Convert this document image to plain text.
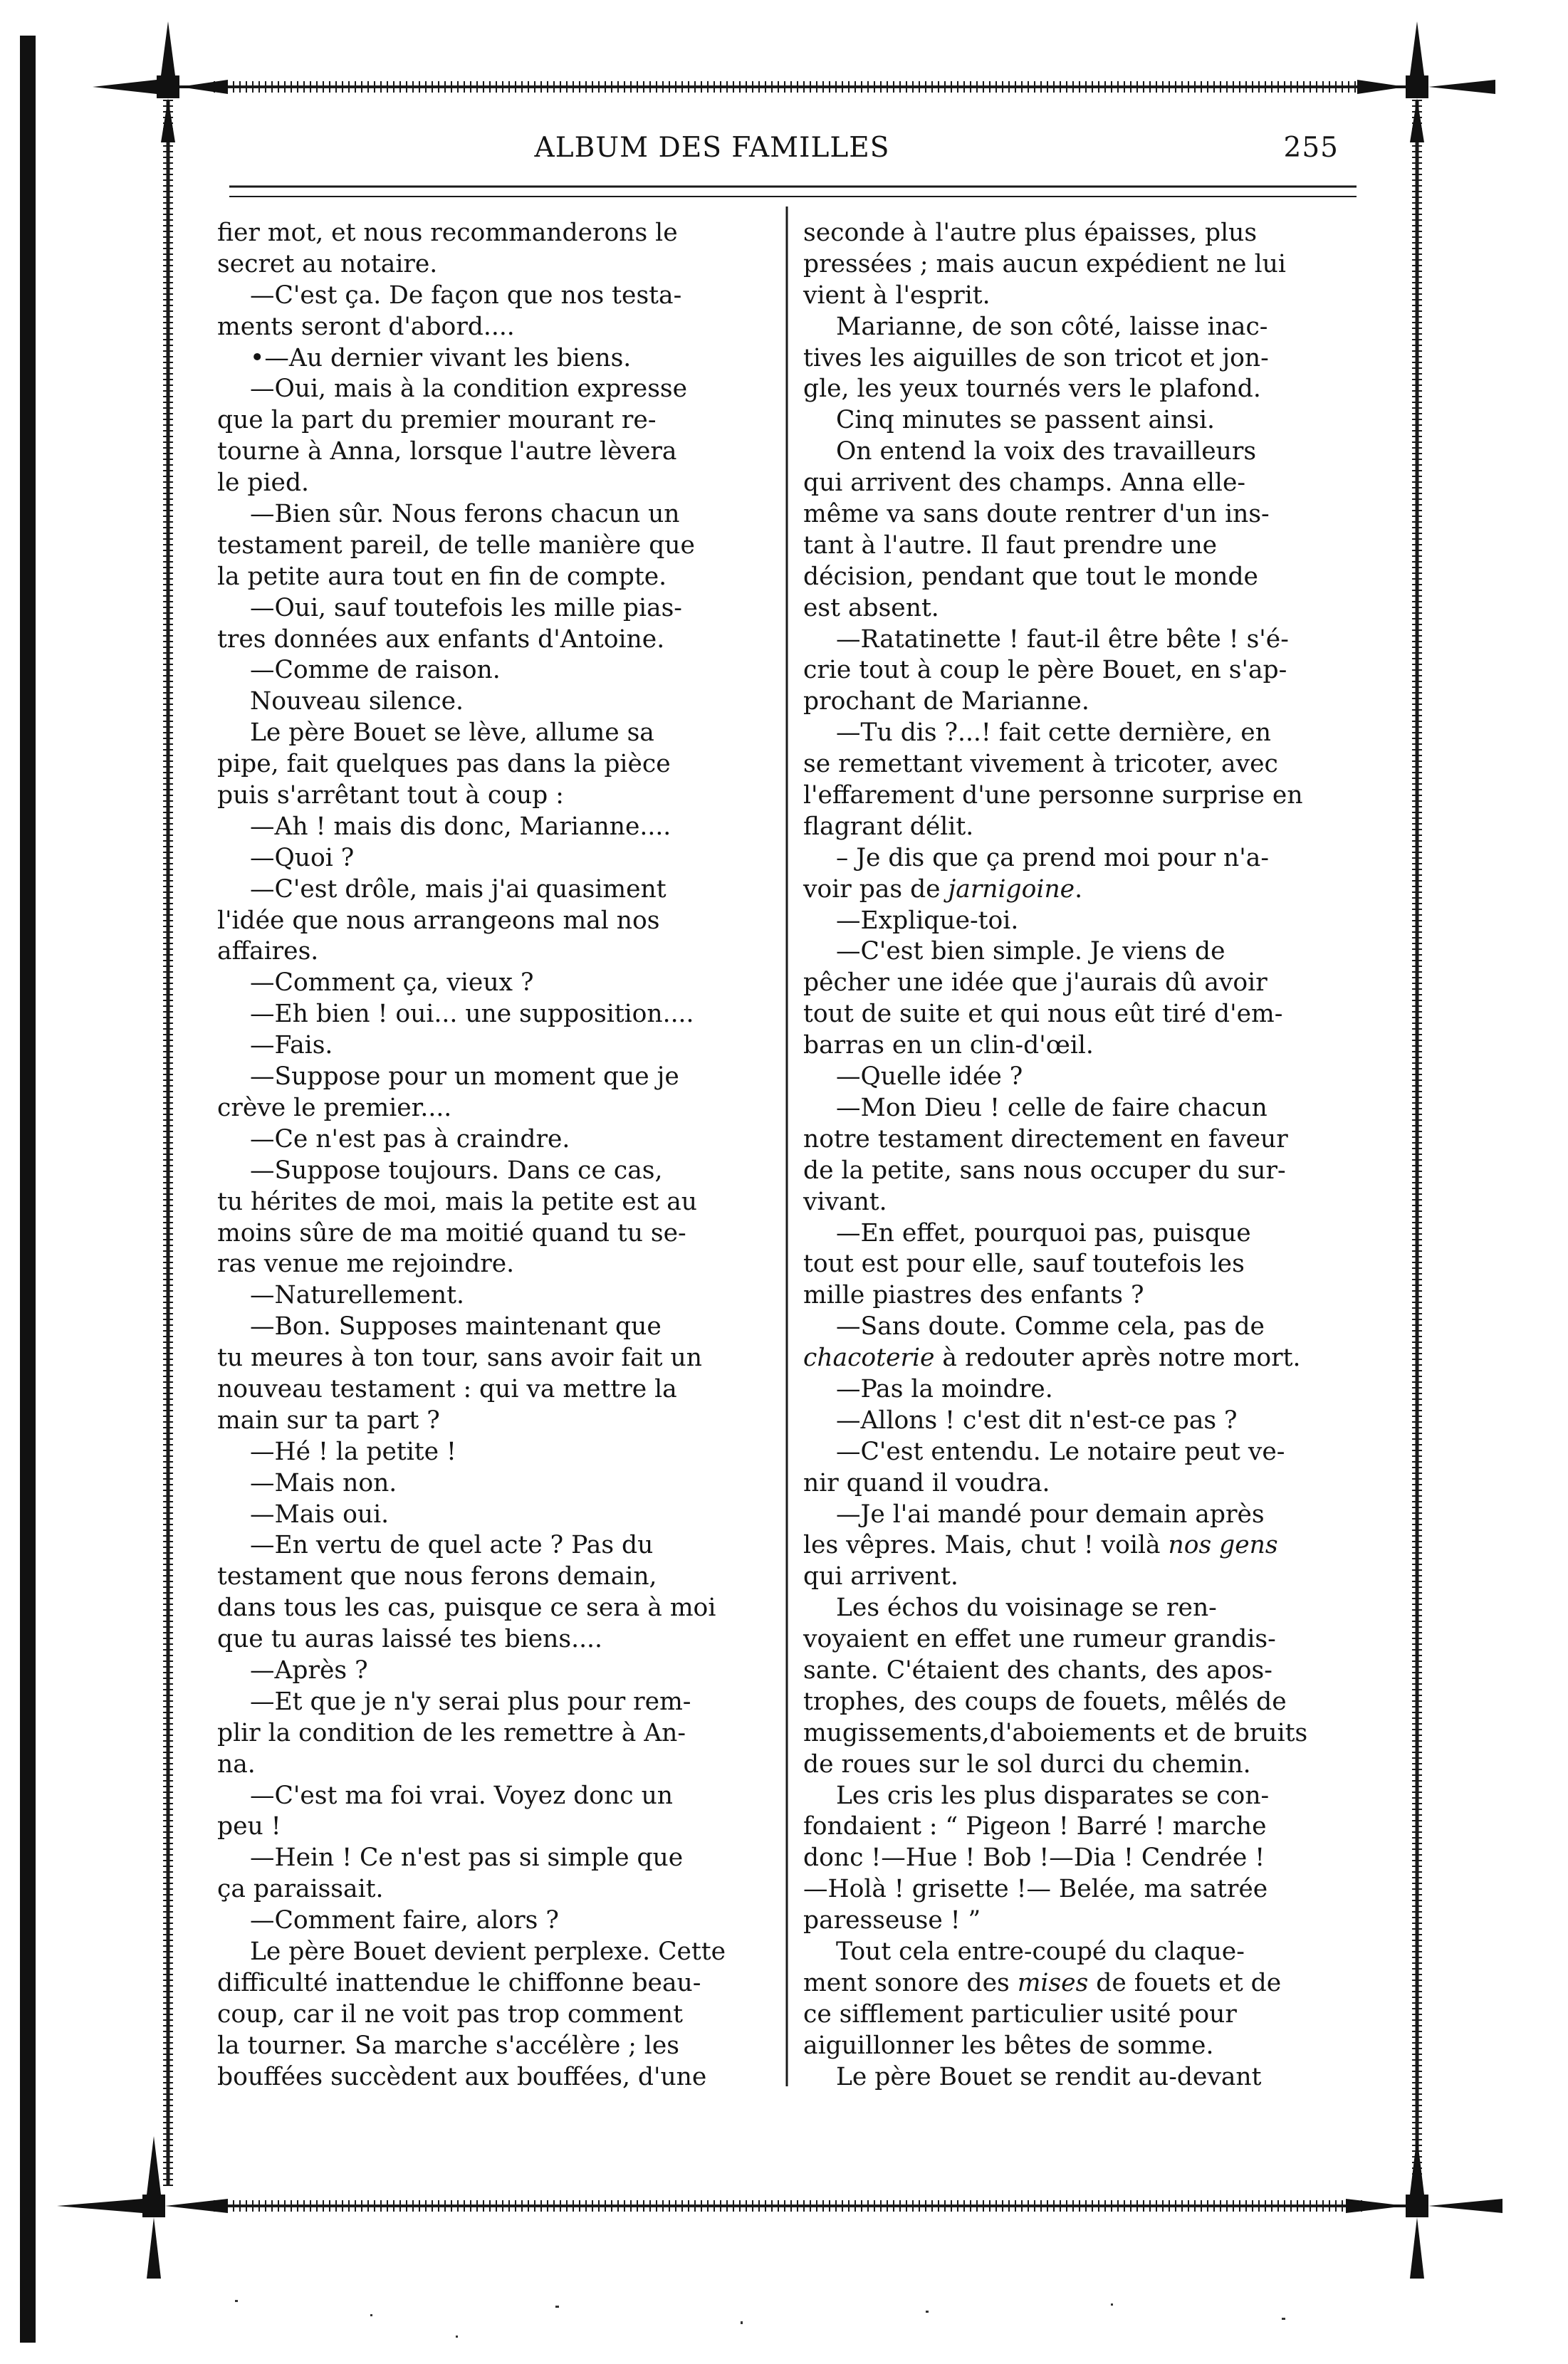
ALBUM DES FAMILLES	255
fier mot, et nous recommanderons le
secret au notaire.
—C'est ça. De façon que nos testa-
ments seront d'abord....
•—Au dernier vivant les biens.
—Oui, mais à la condition expresse
que la part du premier mourant re-
tourne à Anna, lorsque l'autre lèvera
le pied.
—Bien sûr. Nous ferons chacun un
testament pareil, de telle manière que
la petite aura tout en fin de compte.
—Oui, sauf toutefois les mille pias-
tres données aux enfants d'Antoine.
—Comme de raison.
Nouveau silence.
Le père Bouet se lève, allume sa
pipe, fait quelques pas dans la pièce
puis s'arrêtant tout à coup :
—Ah ! mais dis donc, Marianne....
—Quoi ?
—C'est drôle, mais j'ai quasiment
l'idée que nous arrangeons mal nos
affaires.
—Comment ça, vieux ?
—Eh bien ! oui... une supposition....
—Fais.
—Suppose pour un moment que je
crève le premier....
—Ce n'est pas à craindre.
—Suppose toujours. Dans ce cas,
tu hérites de moi, mais la petite est au
moins sûre de ma moitié quand tu se-
ras venue me rejoindre.
—Naturellement.
—Bon. Supposes maintenant que
tu meures à ton tour, sans avoir fait un
nouveau testament : qui va mettre la
main sur ta part ?
—Hé ! la petite !
—Mais non.
—Mais oui.
—En vertu de quel acte ? Pas du
testament que nous ferons demain,
dans tous les cas, puisque ce sera à moi
que tu auras laissé tes biens....
—Après ?
—Et que je n'y serai plus pour rem-
plir la condition de les remettre à An-
na.
—C'est ma foi vrai. Voyez donc un
peu !
—Hein ! Ce n'est pas si simple que
ça paraissait.
—Comment faire, alors ?
Le père Bouet devient perplexe. Cette
difficulté inattendue le chiffonne beau-
coup, car il ne voit pas trop comment
la tourner. Sa marche s'accélère ; les
bouffées succèdent aux bouffées, d'une
seconde à l'autre plus épaisses, plus
pressées ; mais aucun expédient ne lui
vient à l'esprit.
Marianne, de son côté, laisse inac-
tives les aiguilles de son tricot et jon-
gle, les yeux tournés vers le plafond.
Cinq minutes se passent ainsi.
On entend la voix des travailleurs
qui arrivent des champs. Anna elle-
même va sans doute rentrer d'un ins-
tant à l'autre. Il faut prendre une
décision, pendant que tout le monde
est absent.
—Ratatinette ! faut-il être bête ! s'é-
crie tout à coup le père Bouet, en s'ap-
prochant de Marianne.
—Tu dis ?...! fait cette dernière, en
se remettant vivement à tricoter, avec
l'effarement d'une personne surprise en
flagrant délit.
– Je dis que ça prend moi pour n'a-
voir pas de jarnigoine.
—Explique-toi.
—C'est bien simple. Je viens de
pêcher une idée que j'aurais dû avoir
tout de suite et qui nous eût tiré d'em-
barras en un clin-d'œil.
—Quelle idée ?
—Mon Dieu ! celle de faire chacun
notre testament directement en faveur
de la petite, sans nous occuper du sur-
vivant.
—En effet, pourquoi pas, puisque
tout est pour elle, sauf toutefois les
mille piastres des enfants ?
—Sans doute. Comme cela, pas de
chacoterie à redouter après notre mort.
—Pas la moindre.
—Allons ! c'est dit n'est-ce pas ?
—C'est entendu. Le notaire peut ve-
nir quand il voudra.
—Je l'ai mandé pour demain après
les vêpres. Mais, chut ! voilà nos gens
qui arrivent.
Les échos du voisinage se ren-
voyaient en effet une rumeur grandis-
sante. C'étaient des chants, des apos-
trophes, des coups de fouets, mêlés de
mugissements,d'aboiements et de bruits
de roues sur le sol durci du chemin.
Les cris les plus disparates se con-
fondaient : “ Pigeon ! Barré ! marche
donc !—Hue ! Bob !—Dia ! Cendrée !
—Holà ! grisette !— Belée, ma satrée
paresseuse ! ”
Tout cela entre-coupé du claque-
ment sonore des mises de fouets et de
ce sifflement particulier usité pour
aiguillonner les bêtes de somme.
Le père Bouet se rendit au-devant
